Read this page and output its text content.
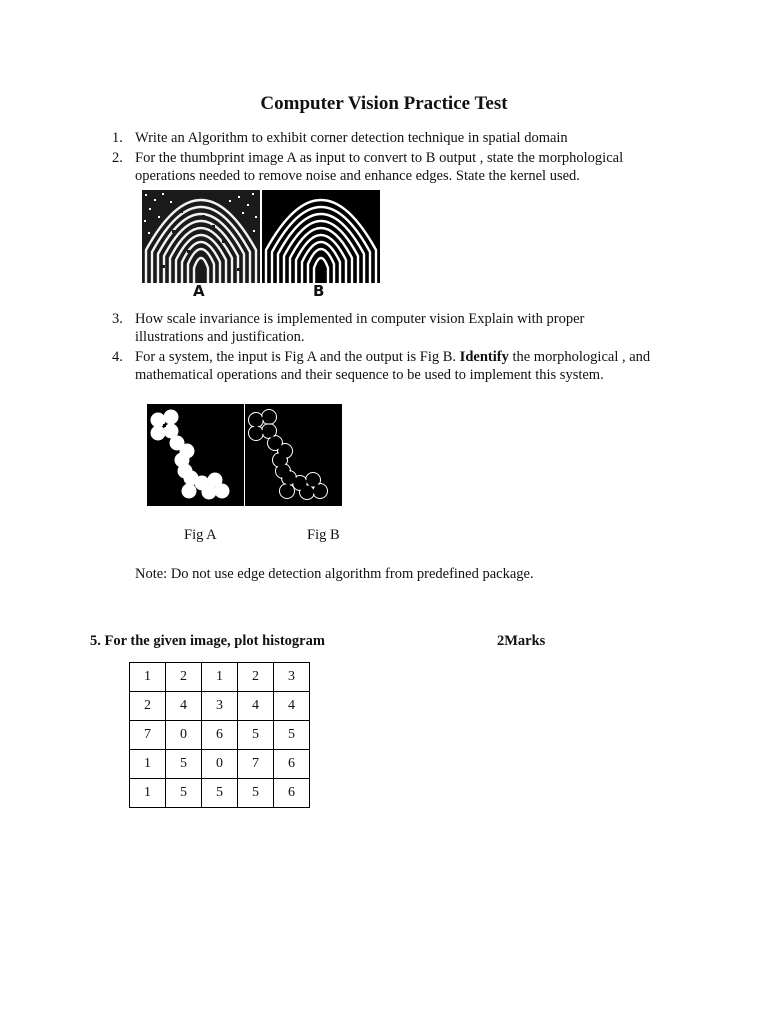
Computer Vision Practice Test
1. Write an Algorithm to exhibit corner detection technique in spatial domain
2. For the thumbprint image A as input to convert to B output , state the morphological
operations needed to remove noise and enhance edges. State the kernel used.
A	B
3. How scale invariance is implemented in computer vision Explain with proper
illustrations and justification.
4. For a system, the input is Fig A and the output is Fig B. Identify the morphological , and
mathematical operations and their sequence to be used to implement this system.
Fig A	Fig B
Note: Do not use edge detection algorithm from predefined package.
5. For the given image, plot histogram	2Marks
1	2	1	2	3
2	4	3	4	4
7	0	6	5	5
1	5	0	7	6
1	5	5	5	6
